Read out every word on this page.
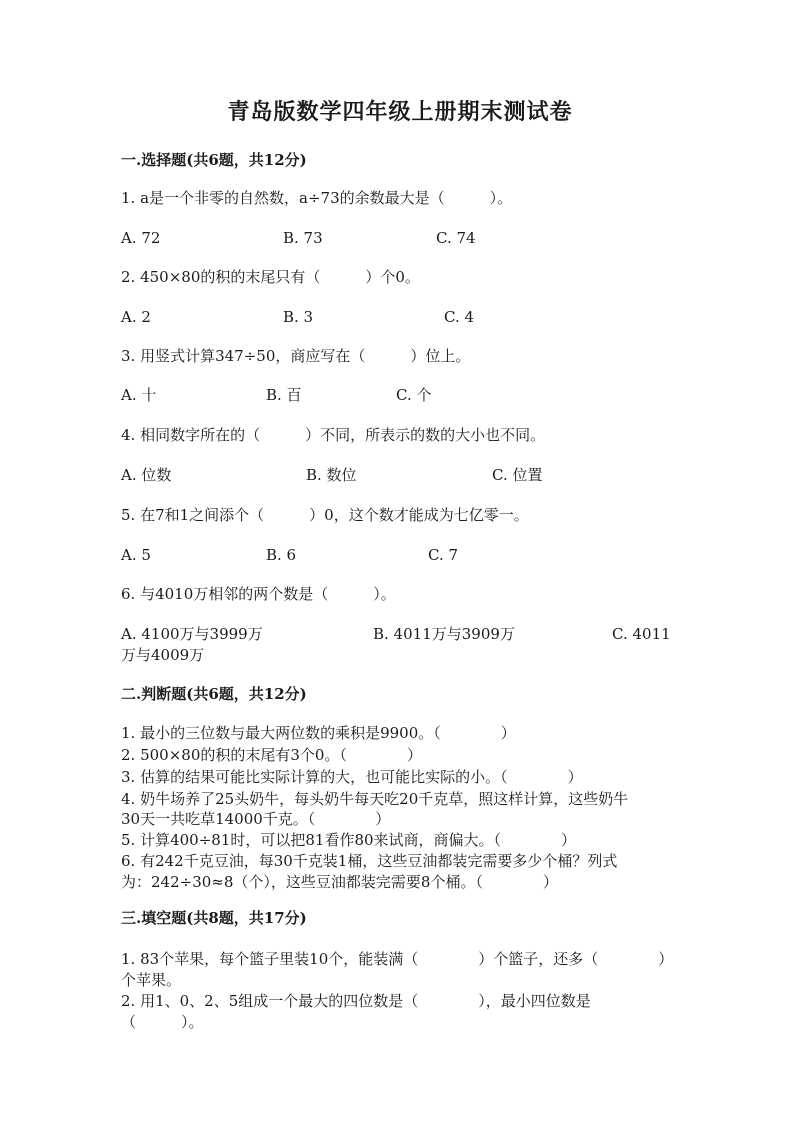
青岛版数学四年级上册期末测试卷
一.选择题(共6题，共12分)
1. a是一个非零的自然数，a÷73的余数最大是（　　　）。
A. 72	B. 73	C. 74
2. 450×80的积的末尾只有（　　　）个0。
A. 2	B. 3	C. 4
3. 用竖式计算347÷50，商应写在（　　　）位上。
A. 十	B. 百	C. 个
4. 相同数字所在的（　　　）不同，所表示的数的大小也不同。
A. 位数	B. 数位	C. 位置
5. 在7和1之间添个（　　　）0，这个数才能成为七亿零一。
A. 5	B. 6	C. 7
6. 与4010万相邻的两个数是（　　　）。
A. 4100万与3999万	B. 4011万与3909万	C. 4011
万与4009万
二.判断题(共6题，共12分)
1. 最小的三位数与最大两位数的乘积是9900。（　　　　）
2. 500×80的积的末尾有3个0。（　　　　）
3. 估算的结果可能比实际计算的大，也可能比实际的小。（　　　　）
4. 奶牛场养了25头奶牛，每头奶牛每天吃20千克草，照这样计算，这些奶牛
30天一共吃草14000千克。（　　　　）
5. 计算400÷81时，可以把81看作80来试商，商偏大。（　　　　）
6. 有242千克豆油，每30千克装1桶，这些豆油都装完需要多少个桶？列式
为：242÷30≈8（个），这些豆油都装完需要8个桶。（　　　　）
三.填空题(共8题，共17分)
1. 83个苹果，每个篮子里装10个，能装满（　　　　）个篮子，还多（　　　　）
个苹果。
2. 用1、0、2、5组成一个最大的四位数是（　　　　），最小四位数是
（　　　）。
